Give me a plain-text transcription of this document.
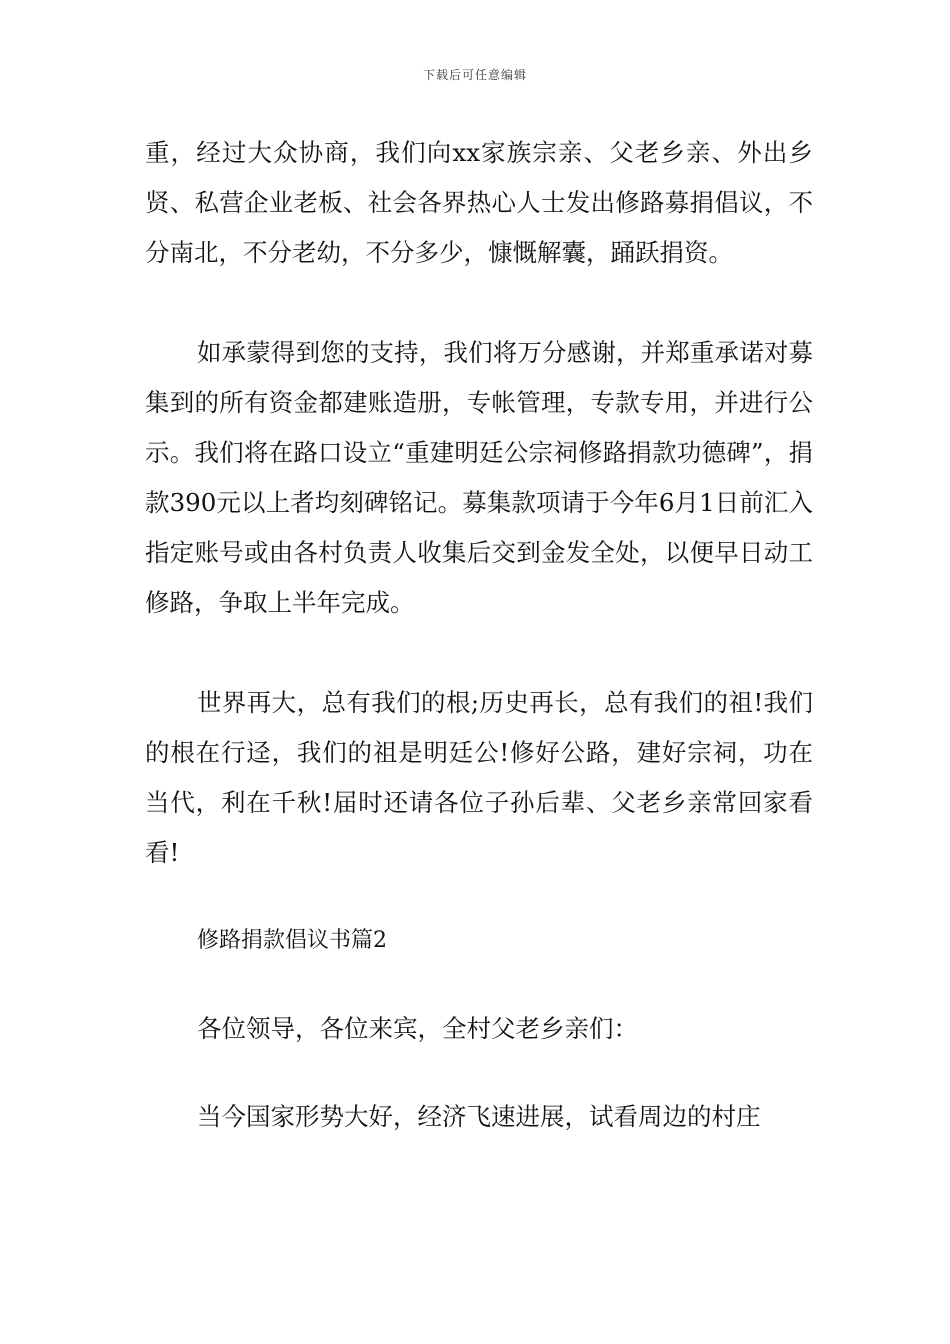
下载后可任意编辑

重，经过大众协商，我们向xx家族宗亲、父老乡亲、外出乡贤、私营企业老板、社会各界热心人士发出修路募捐倡议，不分南北，不分老幼，不分多少，慷慨解囊，踊跃捐资。

如承蒙得到您的支持，我们将万分感谢，并郑重承诺对募集到的所有资金都建账造册，专帐管理，专款专用，并进行公示。我们将在路口设立“重建明廷公宗祠修路捐款功德碑”，捐款390元以上者均刻碑铭记。募集款项请于今年6月1日前汇入指定账号或由各村负责人收集后交到金发全处，以便早日动工修路，争取上半年完成。

世界再大，总有我们的根;历史再长，总有我们的祖!我们的根在行迳，我们的祖是明廷公!修好公路，建好宗祠，功在当代，利在千秋!届时还请各位子孙后辈、父老乡亲常回家看看!

修路捐款倡议书篇2

各位领导，各位来宾，全村父老乡亲们：

当今国家形势大好，经济飞速进展，试看周边的村庄
